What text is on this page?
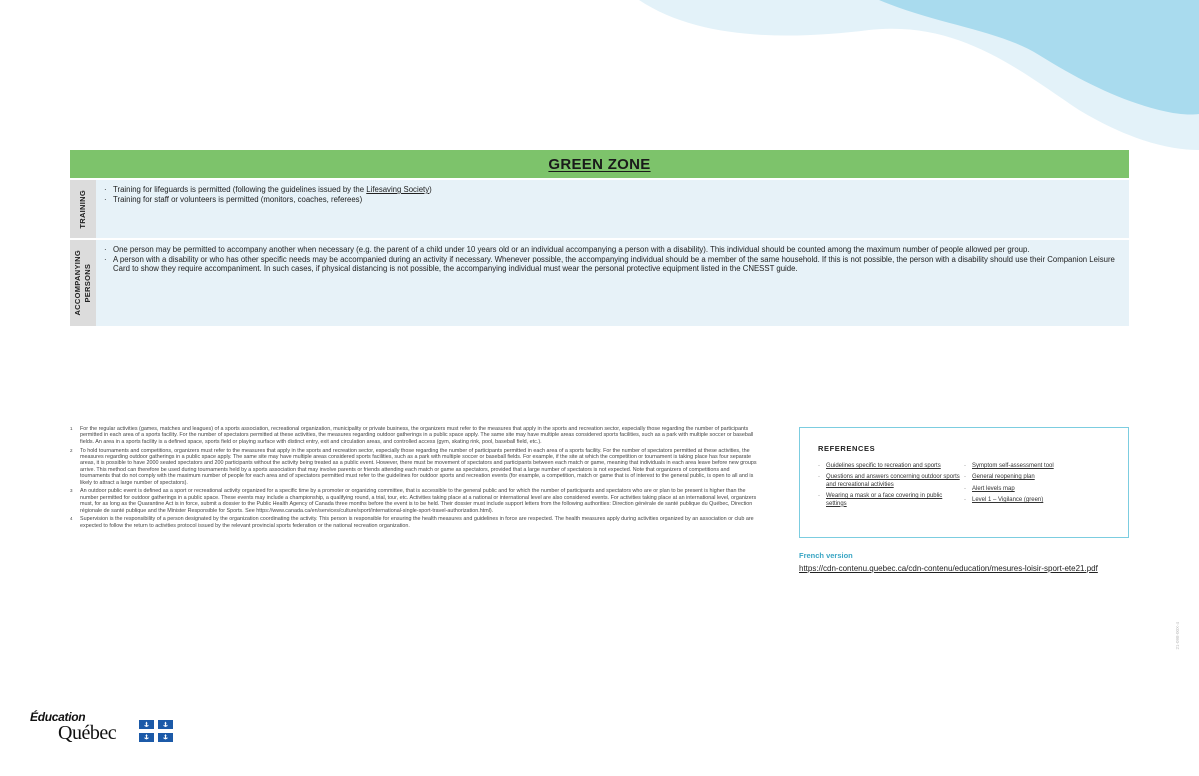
GREEN ZONE
TRAINING
· Training for lifeguards is permitted (following the guidelines issued by the Lifesaving Society)
· Training for staff or volunteers is permitted (monitors, coaches, referees)
ACCOMPANYING
PERSONS
· One person may be permitted to accompany another when necessary (e.g. the parent of a child under 10 years old or an individual accompanying a person with a disability). This individual should be counted among the maximum number of people allowed per group.
· A person with a disability or who has other specific needs may be accompanied during an activity if necessary. Whenever possible, the accompanying individual should be a member of the same household. If this is not possible, the person with a disability should use their Companion Leisure Card to show they require accompaniment. In such cases, if physical distancing is not possible, the accompanying individual must wear the personal protective equipment listed in the CNESST guide.
1	For the regular activities (games, matches and leagues) of a sports association, recreational organization, municipality or private business, the organizers must refer to the measures that apply in the sports and recreation sector, especially those regarding the number of participants permitted in each area of a sports facility. For the number of spectators permitted at these activities, the measures regarding outdoor gatherings in a public space apply. The same site may have multiple areas considered sports facilities, such as a park with multiple soccer or baseball fields. An area in a sports facility is a defined space, sports field or playing surface with distinct entry, exit and circulation areas, and controlled access (gym, skating rink, pool, baseball field, etc.).
2	To hold tournaments and competitions, organizers must refer to the measures that apply in the sports and recreation sector, especially those regarding the number of participants permitted in each area of a sports facility. For the number of spectators permitted at these activities, the measures regarding outdoor gatherings in a public space apply. The same site may have multiple areas considered sports facilities, such as a park with multiple soccer or baseball fields. For example, if the site at which the competition or tournament is taking place has four separate areas, it is possible to have 2000 seated spectators and 200 participants without the activity being treated as a public event. However, there must be movement of spectators and participants between each match or game, meaning that individuals in each area leave before new groups arrive. This method can therefore be used during tournaments held by a sports association that may involve parents or friends attending each match or game as spectators, provided that a large number of spectators is not expected. Note that organizers of competitions and tournaments that do not comply with the maximum number of people for each area and of spectators permitted must refer to the guidelines for outdoor sports and recreation events (for example, a competition, match or game that is of interest to the general public, is open to all and is likely to attract a large number of spectators).
3	An outdoor public event is defined as a sport or recreational activity organized for a specific time by a promoter or organizing committee, that is accessible to the general public and for which the number of participants and spectators who are or plan to be present is higher than the number permitted for outdoor gatherings in a public space. These events may include a championship, a qualifying round, a trial, tour, etc. Activities taking place at a national or international level are also considered events. For activities taking place at an international level, organizers must, for as long as the Quarantine Act is in force, submit a dossier to the Public Health Agency of Canada three months before the event is to be held. Their dossier must include support letters from the following authorities: Direction générale de santé publique du Québec, Direction régionale de santé publique and the Minister Responsible for Sports. See https://www.canada.ca/en/services/culture/sport/international-single-sport-travel-authorization.html).
4	Supervision is the responsibility of a person designated by the organization coordinating the activity. This person is responsible for ensuring the health measures and guidelines in force are respected. The health measures apply during activities organized by an association or club are expected to follow the return to activities protocol issued by the relevant provincial sports federation or the national recreation organization.
REFERENCES
· Guidelines specific to recreation and sports
· Questions and answers concerning outdoor sports and recreational activities
· Wearing a mask or a face covering in public settings
· Symptom self-assessment tool
· General reopening plan
· Alert levels map
· Level 1 – Vigilance (green)
French version
https://cdn-contenu.quebec.ca/cdn-contenu/education/mesures-loisir-sport-ete21.pdf
21-098-00X-4
Éducation
Québec
